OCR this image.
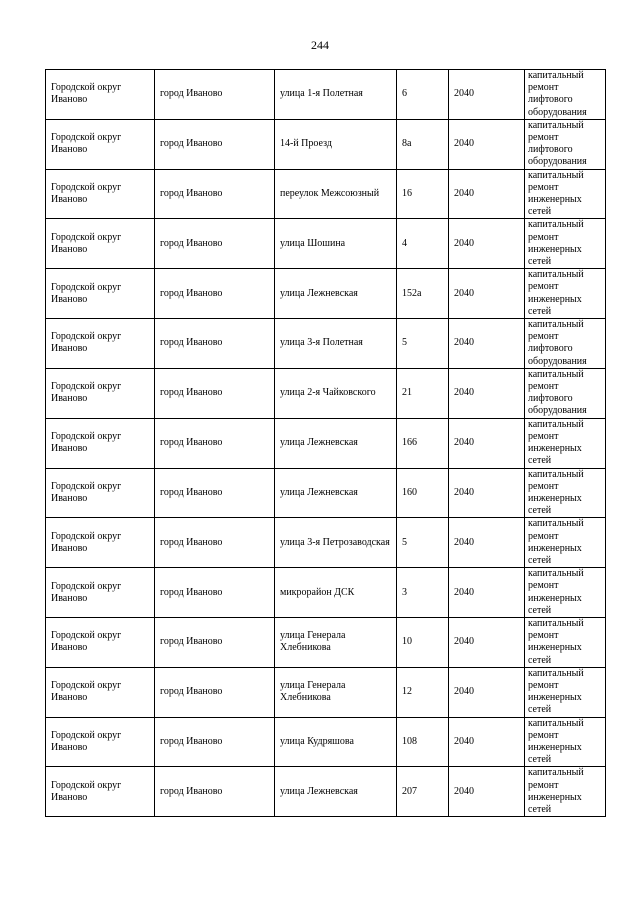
244
Городской округ Иваново	город Иваново	улица 1-я Полетная	6	2040	капитальный ремонт лифтового оборудования
Городской округ Иваново	город Иваново	14-й Проезд	8а	2040	капитальный ремонт лифтового оборудования
Городской округ Иваново	город Иваново	переулок Межсоюзный	16	2040	капитальный ремонт инженерных сетей
Городской округ Иваново	город Иваново	улица Шошина	4	2040	капитальный ремонт инженерных сетей
Городской округ Иваново	город Иваново	улица Лежневская	152а	2040	капитальный ремонт инженерных сетей
Городской округ Иваново	город Иваново	улица 3-я Полетная	5	2040	капитальный ремонт лифтового оборудования
Городской округ Иваново	город Иваново	улица 2-я Чайковского	21	2040	капитальный ремонт лифтового оборудования
Городской округ Иваново	город Иваново	улица Лежневская	166	2040	капитальный ремонт инженерных сетей
Городской округ Иваново	город Иваново	улица Лежневская	160	2040	капитальный ремонт инженерных сетей
Городской округ Иваново	город Иваново	улица 3-я Петрозаводская	5	2040	капитальный ремонт инженерных сетей
Городской округ Иваново	город Иваново	микрорайон ДСК	3	2040	капитальный ремонт инженерных сетей
Городской округ Иваново	город Иваново	улица Генерала Хлебникова	10	2040	капитальный ремонт инженерных сетей
Городской округ Иваново	город Иваново	улица Генерала Хлебникова	12	2040	капитальный ремонт инженерных сетей
Городской округ Иваново	город Иваново	улица Кудряшова	108	2040	капитальный ремонт инженерных сетей
Городской округ Иваново	город Иваново	улица Лежневская	207	2040	капитальный ремонт инженерных сетей
